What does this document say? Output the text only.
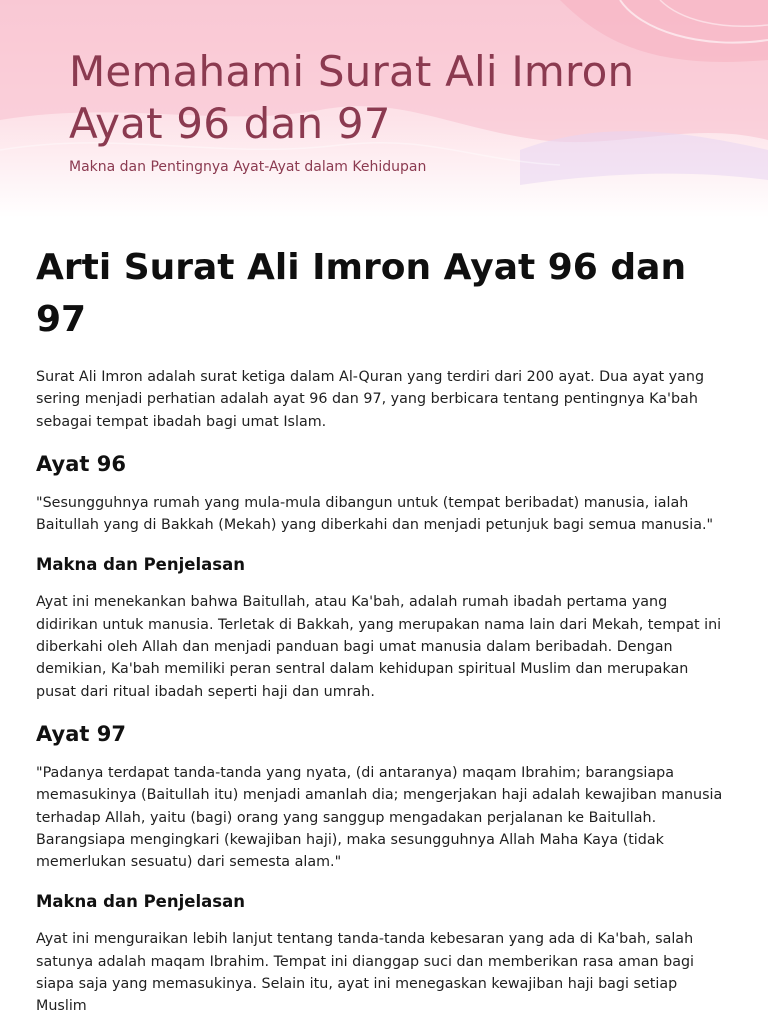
Memahami Surat Ali Imron Ayat 96 dan 97

Makna dan Pentingnya Ayat-Ayat dalam Kehidupan

Arti Surat Ali Imron Ayat 96 dan 97

Surat Ali Imron adalah surat ketiga dalam Al-Quran yang terdiri dari 200 ayat. Dua ayat yang sering menjadi perhatian adalah ayat 96 dan 97, yang berbicara tentang pentingnya Ka'bah sebagai tempat ibadah bagi umat Islam.

Ayat 96

"Sesungguhnya rumah yang mula-mula dibangun untuk (tempat beribadat) manusia, ialah Baitullah yang di Bakkah (Mekah) yang diberkahi dan menjadi petunjuk bagi semua manusia."

Makna dan Penjelasan

Ayat ini menekankan bahwa Baitullah, atau Ka'bah, adalah rumah ibadah pertama yang didirikan untuk manusia. Terletak di Bakkah, yang merupakan nama lain dari Mekah, tempat ini diberkahi oleh Allah dan menjadi panduan bagi umat manusia dalam beribadah. Dengan demikian, Ka'bah memiliki peran sentral dalam kehidupan spiritual Muslim dan merupakan pusat dari ritual ibadah seperti haji dan umrah.

Ayat 97

"Padanya terdapat tanda-tanda yang nyata, (di antaranya) maqam Ibrahim; barangsiapa memasukinya (Baitullah itu) menjadi amanlah dia; mengerjakan haji adalah kewajiban manusia terhadap Allah, yaitu (bagi) orang yang sanggup mengadakan perjalanan ke Baitullah. Barangsiapa mengingkari (kewajiban haji), maka sesungguhnya Allah Maha Kaya (tidak memerlukan sesuatu) dari semesta alam."

Makna dan Penjelasan

Ayat ini menguraikan lebih lanjut tentang tanda-tanda kebesaran yang ada di Ka'bah, salah satunya adalah maqam Ibrahim. Tempat ini dianggap suci dan memberikan rasa aman bagi siapa saja yang memasukinya. Selain itu, ayat ini menegaskan kewajiban haji bagi setiap Muslim
